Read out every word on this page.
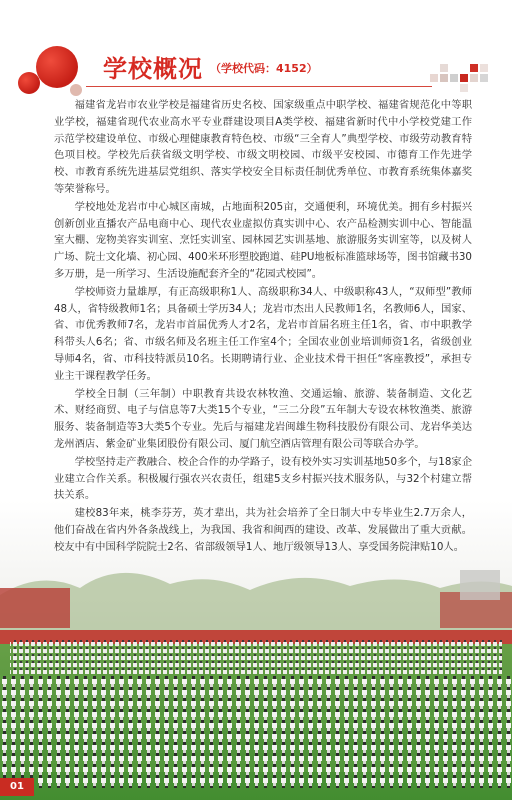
学校概况 （学校代码：4152）

福建省龙岩市农业学校是福建省历史名校、国家级重点中职学校、福建省规范化中等职业学校，福建省现代农业高水平专业群建设项目A类学校、福建省新时代中小学校党建工作示范学校建设单位、市级心理健康教育特色校、市级“三全育人”典型学校、市级劳动教育特色项目校。学校先后获省级文明学校、市级文明校园、市级平安校园、市德育工作先进学校、市教育系统先进基层党组织、落实学校安全目标责任制优秀单位、市教育系统集体嘉奖等荣誉称号。

学校地处龙岩市中心城区南城，占地面积205亩，交通便利，环境优美。拥有乡村振兴创新创业直播农产品电商中心、现代农业虚拟仿真实训中心、农产品检测实训中心、智能温室大棚、宠物美容实训室、烹饪实训室、园林园艺实训基地、旅游服务实训室等，以及树人广场、院士文化墙、初心园、400米环形塑胶跑道、硅PU地板标准篮球场等，图书馆藏书30多万册，是一所学习、生活设施配套齐全的“花园式校园”。

学校师资力量雄厚，有正高级职称1人、高级职称34人、中级职称43人，“双师型”教师48人，省特级教师1名；具备硕士学历34人；龙岩市杰出人民教师1名，名教师6人，国家、省、市优秀教师7名，龙岩市首届优秀人才2名，龙岩市首届名班主任1名，省、市中职教学科带头人6名；省、市级名师及名班主任工作室4个；全国农业创业培训师资1名，省级创业导师4名，省、市科技特派员10名。长期聘请行业、企业技术骨干担任“客座教授”，承担专业主干课程教学任务。

学校全日制（三年制）中职教育共设农林牧渔、交通运输、旅游、装备制造、文化艺术、财经商贸、电子与信息等7大类15个专业，“三二分段”五年制大专设农林牧渔类、旅游服务、装备制造等3大类5个专业。先后与福建龙岩闽雄生物科技股份有限公司、龙岩华美达龙州酒店、紫金矿业集团股份有限公司、厦门航空酒店管理有限公司等联合办学。

学校坚持走产教融合、校企合作的办学路子，设有校外实习实训基地50多个，与18家企业建立合作关系。积极履行强农兴农责任，组建5支乡村振兴技术服务队，与32个村建立帮扶关系。

建校83年来，桃李芬芳，英才辈出，共为社会培养了全日制大中专毕业生2.7万余人，他们奋战在省内外各条战线上，为我国、我省和闽西的建设、改革、发展做出了重大贡献。校友中有中国科学院院士2名、省部级领导1人、地厅级领导13人、享受国务院津贴10人。

01
